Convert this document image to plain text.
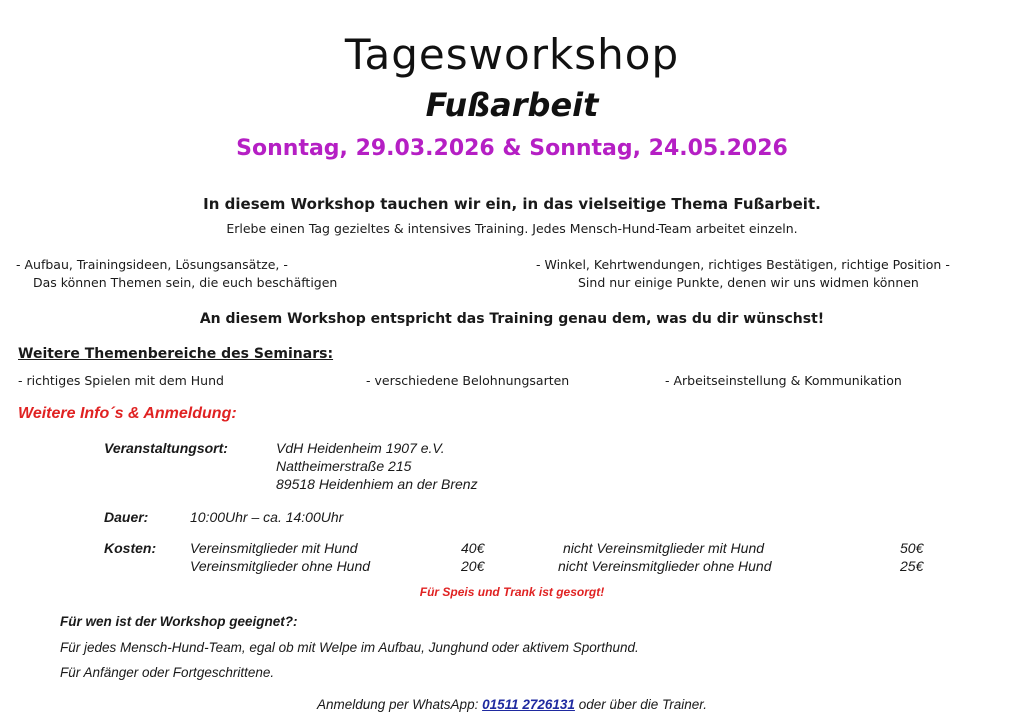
Tagesworkshop
Fußarbeit
Sonntag, 29.03.2026 & Sonntag, 24.05.2026
In diesem Workshop tauchen wir ein, in das vielseitige Thema Fußarbeit.
Erlebe einen Tag gezieltes & intensives Training. Jedes Mensch-Hund-Team arbeitet einzeln.
- Aufbau, Trainingsideen, Lösungsansätze, -
Das können Themen sein, die euch beschäftigen
- Winkel, Kehrtwendungen, richtiges Bestätigen, richtige Position -
Sind nur einige Punkte, denen wir uns widmen können
An diesem Workshop entspricht das Training genau dem, was du dir wünschst!
Weitere Themenbereiche des Seminars:
- richtiges Spielen mit dem Hund	- verschiedene Belohnungsarten	- Arbeitseinstellung & Kommunikation
Weitere Info´s & Anmeldung:
Veranstaltungsort:	VdH Heidenheim 1907 e.V.
Nattheimerstraße 215
89518 Heidenhiem an der Brenz
Dauer:	10:00Uhr – ca. 14:00Uhr
Kosten: Vereinsmitglieder mit Hund	40€	nicht Vereinsmitglieder mit Hund	50€
Vereinsmitglieder ohne Hund	20€	nicht Vereinsmitglieder ohne Hund	25€
Für Speis und Trank ist gesorgt!
Für wen ist der Workshop geeignet?:
Für jedes Mensch-Hund-Team, egal ob mit Welpe im Aufbau, Junghund oder aktivem Sporthund.
Für Anfänger oder Fortgeschrittene.
Anmeldung per WhatsApp: 01511 2726131 oder über die Trainer.
